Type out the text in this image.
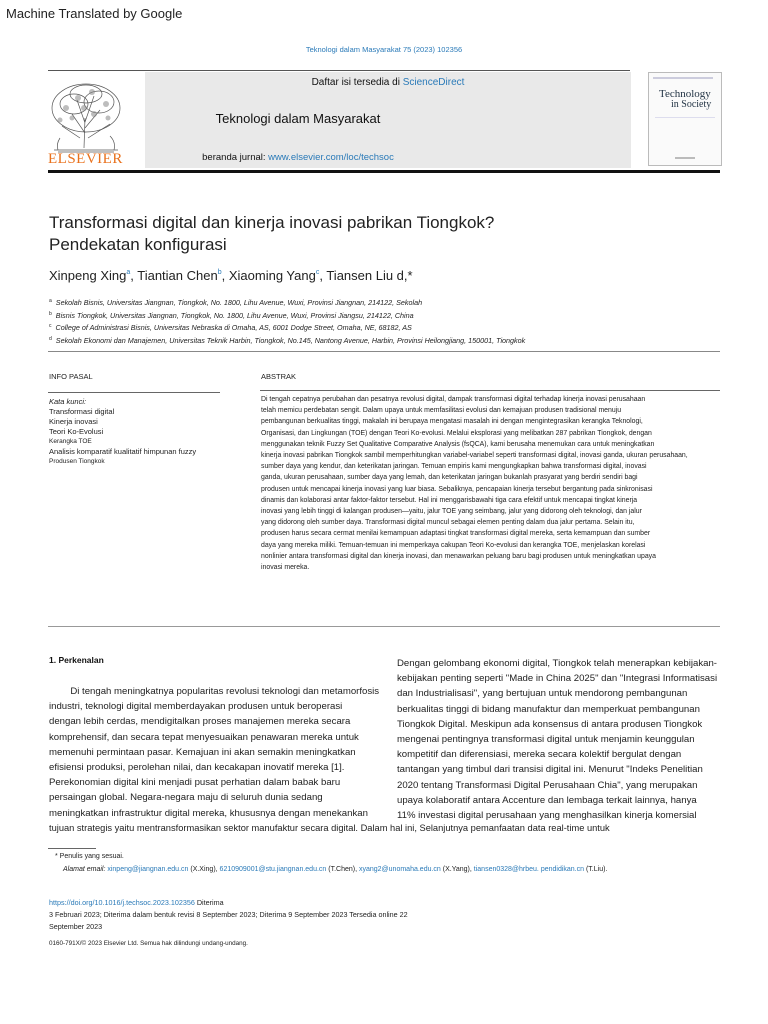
Machine Translated by Google
Teknologi dalam Masyarakat 75 (2023) 102356
ELSEVIER
Daftar isi tersedia di ScienceDirect
Teknologi dalam Masyarakat
beranda jurnal: www.elsevier.com/loc/techsoc
Technology
in Society
Transformasi digital dan kinerja inovasi pabrikan Tiongkok?
Pendekatan konfigurasi
Xinpeng Xing$^a$, Tiantian Chen$^b$, Xiaoming Yang$^c$, Tiansen Liu d,*
$^a$ Sekolah Bisnis, Universitas Jiangnan, Tiongkok, No. 1800, Lihu Avenue, Wuxi, Provinsi Jiangnan, 214122, Sekolah
$^b$ Bisnis Tiongkok, Universitas Jiangnan, Tiongkok, No. 1800, Lihu Avenue, Wuxi, Provinsi Jiangsu, 214122, China
$^c$ College of Administrasi Bisnis, Universitas Nebraska di Omaha, AS, 6001 Dodge Street, Omaha, NE, 68182, AS
$^d$ Sekolah Ekonomi dan Manajemen, Universitas Teknik Harbin, Tiongkok, No.145, Nantong Avenue, Harbin, Provinsi Heilongjiang, 150001, Tiongkok
INFO PASAL	ABSTRAK
Kata kunci:
Transformasi digital
Kinerja inovasi
Teori Ko-Evolusi
Kerangka TOE
Analisis komparatif kualitatif himpunan fuzzy
Produsen Tiongkok
Di tengah cepatnya perubahan dan pesatnya revolusi digital, dampak transformasi digital terhadap kinerja inovasi perusahaan
telah memicu perdebatan sengit. Dalam upaya untuk memfasilitasi evolusi dan kemajuan produsen tradisional menuju
pembangunan berkualitas tinggi, makalah ini berupaya mengatasi masalah ini dengan mengintegrasikan kerangka Teknologi,
Organisasi, dan Lingkungan (TOE) dengan Teori Ko-evolusi. Melalui eksplorasi yang melibatkan 287 pabrikan Tiongkok, dengan
menggunakan teknik Fuzzy Set Qualitative Comparative Analysis (fsQCA), kami berusaha menemukan cara untuk meningkatkan
kinerja inovasi pabrikan Tiongkok sambil memperhitungkan variabel-variabel seperti transformasi digital, inovasi ganda, ukuran perusahaan,
sumber daya yang kendur, dan keterikatan jaringan. Temuan empiris kami mengungkapkan bahwa transformasi digital, inovasi
ganda, ukuran perusahaan, sumber daya yang lemah, dan keterikatan jaringan bukanlah prasyarat yang berdiri sendiri bagi
produsen untuk mencapai kinerja inovasi yang luar biasa. Sebaliknya, pencapaian kinerja tersebut bergantung pada sinkronisasi
dinamis dan kolaborasi antar faktor-faktor tersebut. Hal ini menggarisbawahi tiga cara efektif untuk mencapai tingkat kinerja
inovasi yang lebih tinggi di kalangan produsen—yaitu, jalur TOE yang seimbang, jalur yang didorong oleh teknologi, dan jalur
yang didorong oleh sumber daya. Transformasi digital muncul sebagai elemen penting dalam dua jalur pertama. Selain itu,
produsen harus secara cermat menilai kemampuan adaptasi tingkat transformasi digital mereka, serta kemampuan dan sumber
daya yang mereka miliki. Temuan-temuan ini memperkaya cakupan Teori Ko-evolusi dan kerangka TOE, menjelaskan korelasi
nonlinier antara transformasi digital dan kinerja inovasi, dan menawarkan peluang baru bagi produsen untuk meningkatkan upaya
inovasi mereka.
1. Perkenalan
Di tengah meningkatnya popularitas revolusi teknologi dan metamorfosis
industri, teknologi digital memberdayakan produsen untuk beroperasi
dengan lebih cerdas, mendigitalkan proses manajemen mereka secara
komprehensif, dan secara tepat menyesuaikan penawaran mereka untuk
memenuhi permintaan pasar. Kemajuan ini akan semakin meningkatkan
efisiensi produksi, perolehan nilai, dan kecakapan inovatif mereka [1].
Perekonomian digital kini menjadi pusat perhatian dalam babak baru
persaingan global. Negara-negara maju di seluruh dunia sedang
meningkatkan infrastruktur digital mereka, khususnya dengan menekankan
tujuan strategis yaitu mentransformasikan sektor manufaktur secara digital. Dalam hal ini, Selanjutnya pemanfaatan data real-time untuk
Dengan gelombang ekonomi digital, Tiongkok telah menerapkan kebijakan-
kebijakan penting seperti "Made in China 2025" dan "Integrasi Informatisasi
dan Industrialisasi", yang bertujuan untuk mendorong pembangunan
berkualitas tinggi di bidang manufaktur dan memperkuat pembangunan
Tiongkok Digital. Meskipun ada konsensus di antara produsen Tiongkok
mengenai pentingnya transformasi digital untuk menjamin keunggulan
kompetitif dan diferensiasi, mereka secara kolektif bergulat dengan
tantangan yang timbul dari transisi digital ini. Menurut "Indeks Penelitian
2020 tentang Transformasi Digital Perusahaan Chia", yang merupakan
upaya kolaboratif antara Accenture dan lembaga terkait lainnya, hanya
11% investasi digital perusahaan yang menghasilkan kinerja komersial
* Penulis yang sesuai.
Alamat email: xinpeng@jiangnan.edu.cn (X.Xing), 6210909001@stu.jiangnan.edu.cn (T.Chen), xyang2@unomaha.edu.cn (X.Yang), tiansen0328@hrbeu. pendidikan.cn (T.Liu).
https://doi.org/10.1016/j.techsoc.2023.102356 Diterima
3 Februari 2023; Diterima dalam bentuk revisi 8 September 2023; Diterima 9 September 2023 Tersedia online 22
September 2023
0160-791X/© 2023 Elsevier Ltd. Semua hak dilindungi undang-undang.
